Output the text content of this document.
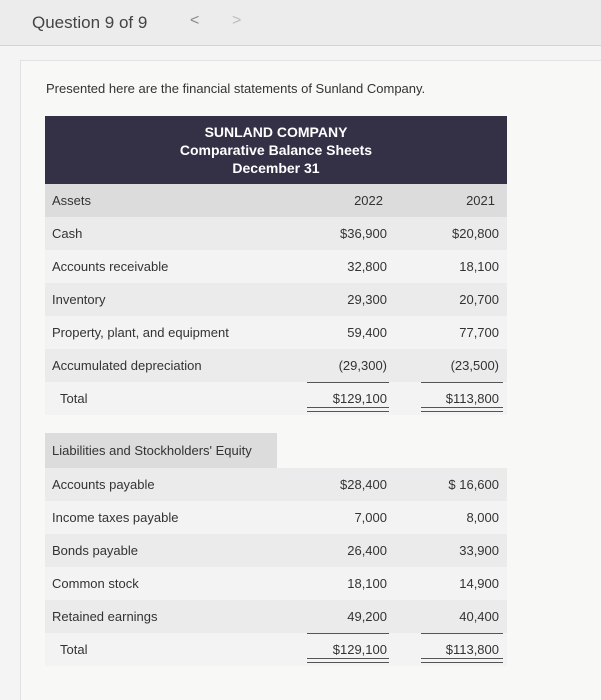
Question 9 of 9	< >
Presented here are the financial statements of Sunland Company.
SUNLAND COMPANY
Comparative Balance Sheets
December 31
Assets	2022	2021
Cash	$36,900	$20,800
Accounts receivable	32,800	18,100
Inventory	29,300	20,700
Property, plant, and equipment	59,400	77,700
Accumulated depreciation	(29,300)	(23,500)
Total	$129,100	$113,800
Liabilities and Stockholders' Equity
Accounts payable	$28,400	$ 16,600
Income taxes payable	7,000	8,000
Bonds payable	26,400	33,900
Common stock	18,100	14,900
Retained earnings	49,200	40,400
Total	$129,100	$113,800
